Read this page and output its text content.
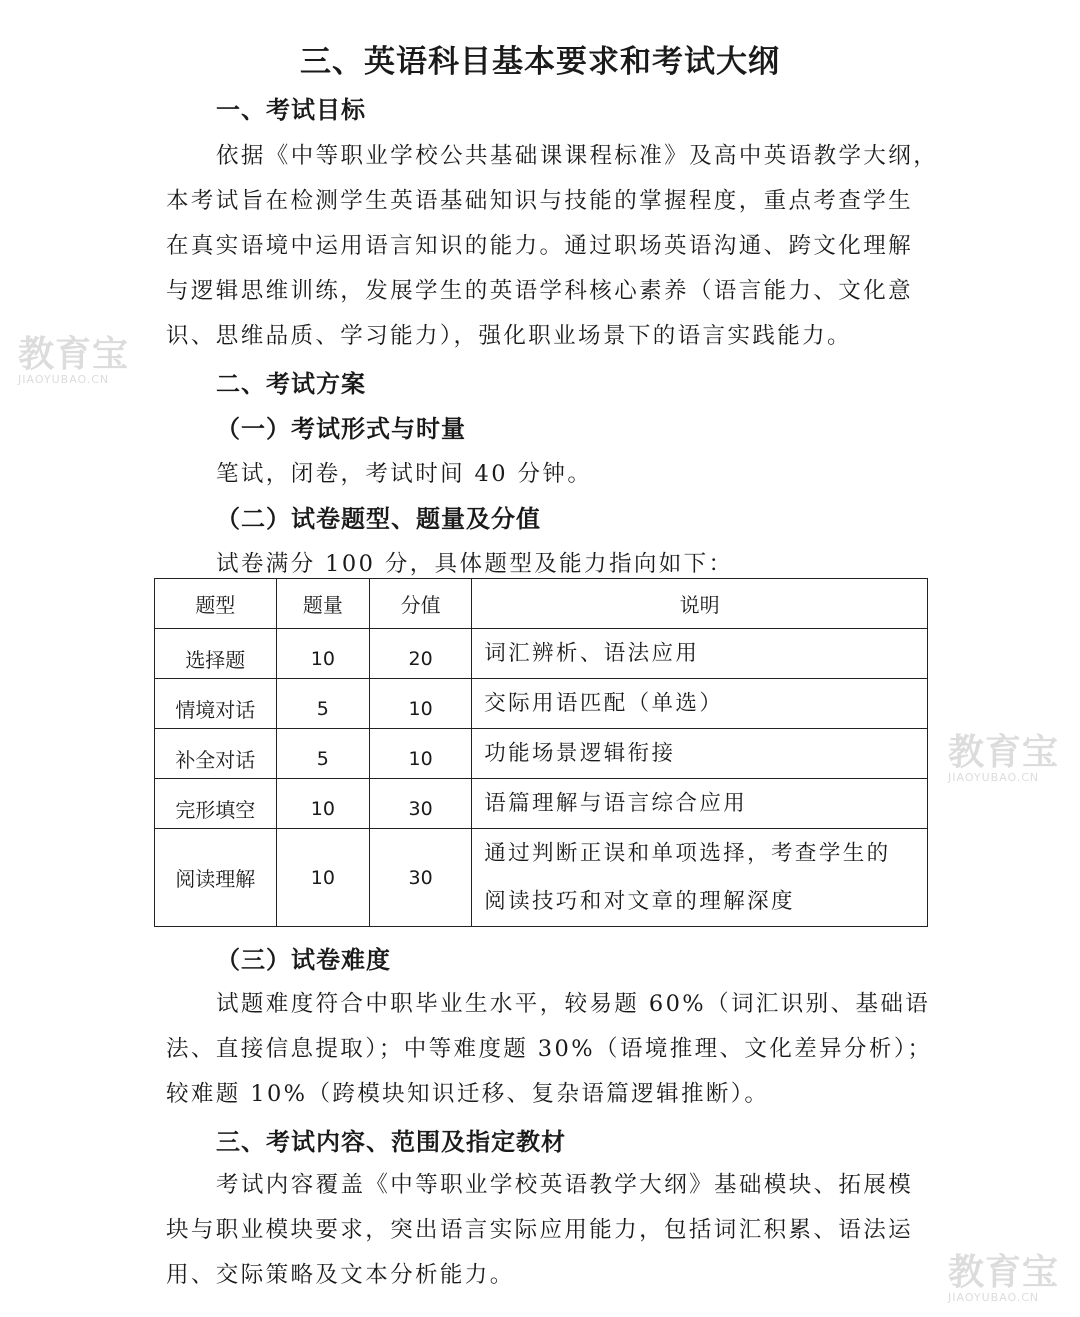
三、英语科目基本要求和考试大纲
一、考试目标
依据《中等职业学校公共基础课课程标准》及高中英语教学大纲，
本考试旨在检测学生英语基础知识与技能的掌握程度，重点考查学生
在真实语境中运用语言知识的能力。通过职场英语沟通、跨文化理解
与逻辑思维训练，发展学生的英语学科核心素养（语言能力、文化意
识、思维品质、学习能力），强化职业场景下的语言实践能力。
二、考试方案
（一）考试形式与时量
笔试，闭卷，考试时间 40 分钟。
（二）试卷题型、题量及分值
试卷满分 100 分，具体题型及能力指向如下：
题型	题量	分值	说明
选择题	10	20	词汇辨析、语法应用
情境对话	5	10	交际用语匹配（单选）
补全对话	5	10	功能场景逻辑衔接
完形填空	10	30	语篇理解与语言综合应用
阅读理解	10	30	通过判断正误和单项选择，考查学生的
阅读技巧和对文章的理解深度
（三）试卷难度
试题难度符合中职毕业生水平，较易题 60%（词汇识别、基础语
法、直接信息提取）；中等难度题 30%（语境推理、文化差异分析）；
较难题 10%（跨模块知识迁移、复杂语篇逻辑推断）。
三、考试内容、范围及指定教材
考试内容覆盖《中等职业学校英语教学大纲》基础模块、拓展模
块与职业模块要求，突出语言实际应用能力，包括词汇积累、语法运
用、交际策略及文本分析能力。
教育宝
JIAOYUBAO.CN
教育宝
JIAOYUBAO.CN
教育宝
JIAOYUBAO.CN
